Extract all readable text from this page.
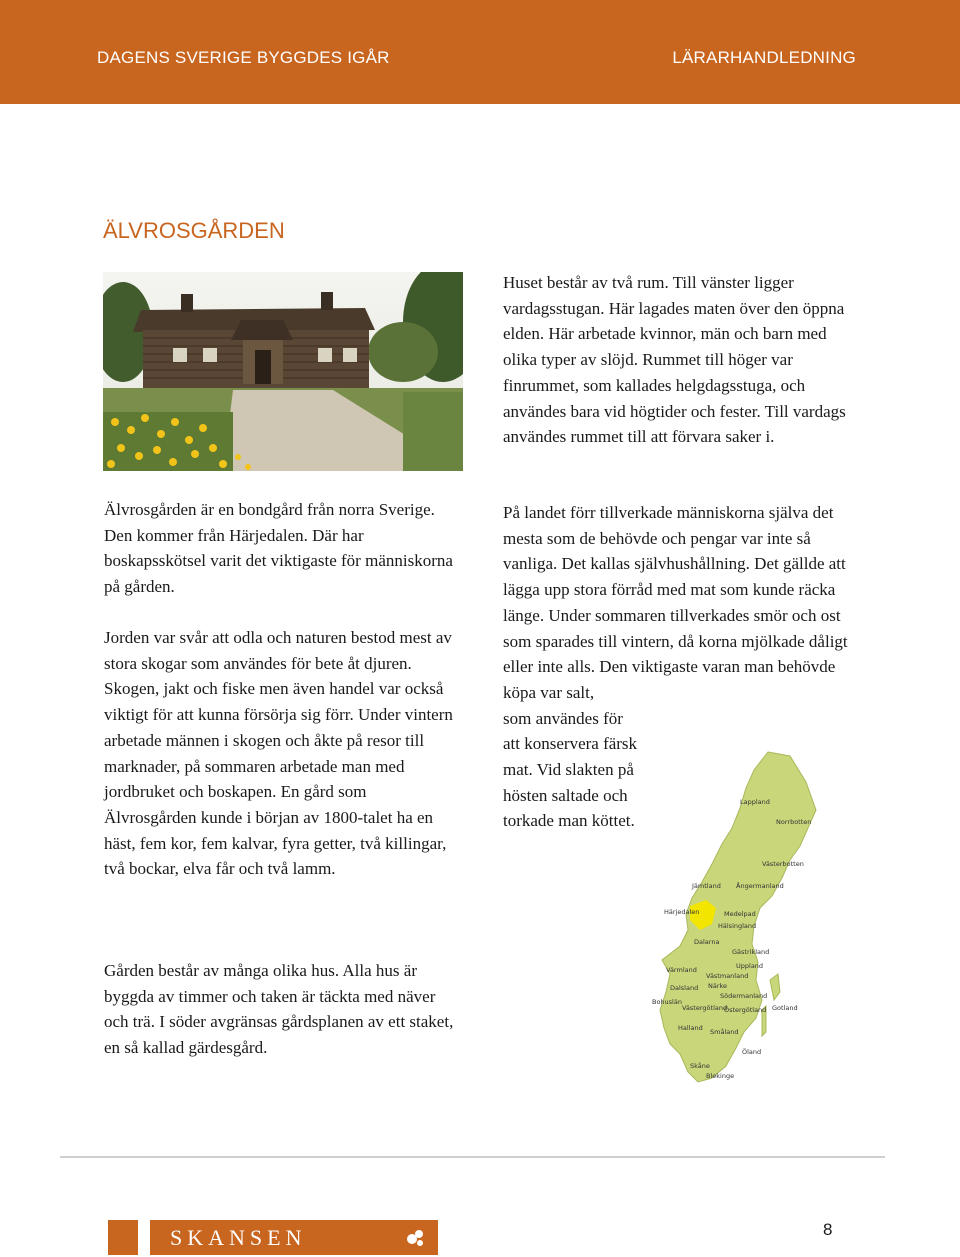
DAGENS SVERIGE BYGGDES IGÅR	LÄRARHANDLEDNING
ÄLVROSGÅRDEN

Älvrosgården är en bondgård från norra Sverige. Den kommer från Härjedalen. Där har boskapsskötsel varit det viktigaste för människorna på gården.

Jorden var svår att odla och naturen bestod mest av stora skogar som användes för bete åt djuren. Skogen, jakt och fiske men även handel var också viktigt för att kunna försörja sig förr. Under vintern arbetade männen i skogen och åkte på resor till marknader, på sommaren arbetade man med jordbruket och boskapen. En gård som Älvrosgården kunde i början av 1800-talet ha en häst, fem kor, fem kalvar, fyra getter, två killingar, två bockar, elva får och två lamm.

Gården består av många olika hus. Alla hus är byggda av timmer och taken är täckta med näver och trä. I söder avgränsas gårdsplanen av ett staket, en så kallad gärdesgård.

Huset består av två rum. Till vänster ligger vardagsstugan. Här lagades maten över den öppna elden. Här arbetade kvinnor, män och barn med olika typer av slöjd. Rummet till höger var finrummet, som kallades helgdagsstuga, och användes bara vid högtider och fester. Till vardags användes rummet till att förvara saker i.

På landet förr tillverkade människorna själva det mesta som de behövde och pengar var inte så vanliga. Det kallas självhushållning. Det gällde att lägga upp stora förråd med mat som kunde räcka länge. Under sommaren tillverkades smör och ost som sparades till vintern, då korna mjölkade dåligt eller inte alls. Den viktigaste varan man behövde köpa var salt,
som användes för att konservera färsk mat. Vid slakten på hösten saltade och torkade man köttet.

Lappland
Norrbotten
Västerbotten
Jämtland Ångermanland
Härjedalen	Medelpad
Hälsingland
Dalarna
Gästrikland
Värmland	Uppland
Västmanland
Närke
Södermanland
Dalsland
Bohuslän
Västergötland
Östergötland
Halland Småland
Gotland
Öland
Skåne
Blekinge
SKANSEN	8
